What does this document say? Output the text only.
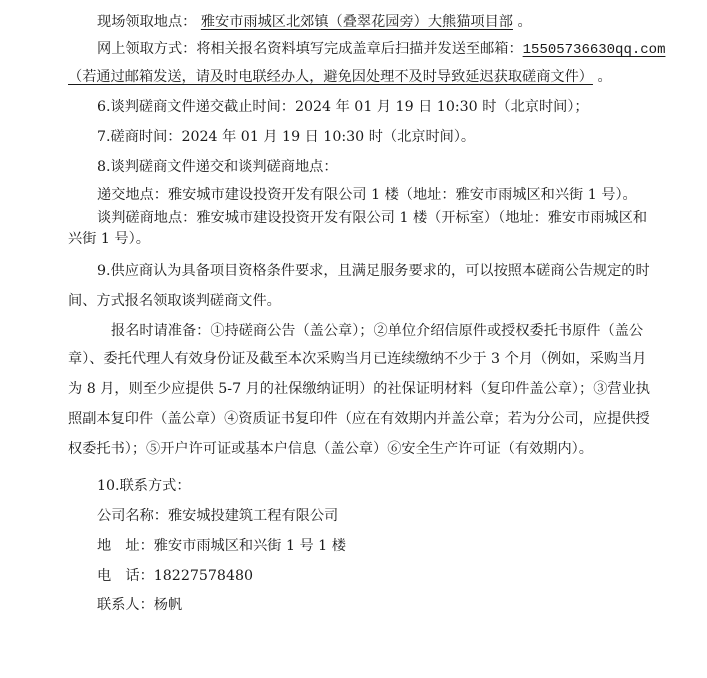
现场领取地点： 雅安市雨城区北郊镇（叠翠花园旁）大熊猫项目部 。
网上领取方式：将相关报名资料填写完成盖章后扫描并发送至邮箱：15505736630qq.com
（若通过邮箱发送，请及时电联经办人，避免因处理不及时导致延迟获取磋商文件） 。
6.谈判磋商文件递交截止时间：2024 年 01 月 19 日 10:30 时（北京时间）；
7.磋商时间：2024 年 01 月 19 日 10:30 时（北京时间）。
8.谈判磋商文件递交和谈判磋商地点：
递交地点：雅安城市建设投资开发有限公司 1 楼（地址：雅安市雨城区和兴街 1 号）。
谈判磋商地点：雅安城市建设投资开发有限公司 1 楼（开标室）（地址：雅安市雨城区和
兴街 1 号）。
9.供应商认为具备项目资格条件要求，且满足服务要求的，可以按照本磋商公告规定的时
间、方式报名领取谈判磋商文件。
报名时请准备：①持磋商公告（盖公章）；②单位介绍信原件或授权委托书原件（盖公
章）、委托代理人有效身份证及截至本次采购当月已连续缴纳不少于 3 个月（例如，采购当月
为 8 月，则至少应提供 5-7 月的社保缴纳证明）的社保证明材料（复印件盖公章）；③营业执
照副本复印件（盖公章）④资质证书复印件（应在有效期内并盖公章；若为分公司，应提供授
权委托书）；⑤开户许可证或基本户信息（盖公章）⑥安全生产许可证（有效期内）。
10.联系方式：
公司名称：雅安城投建筑工程有限公司
地　址：雅安市雨城区和兴街 1 号 1 楼
电　话：18227578480
联系人：杨帆
